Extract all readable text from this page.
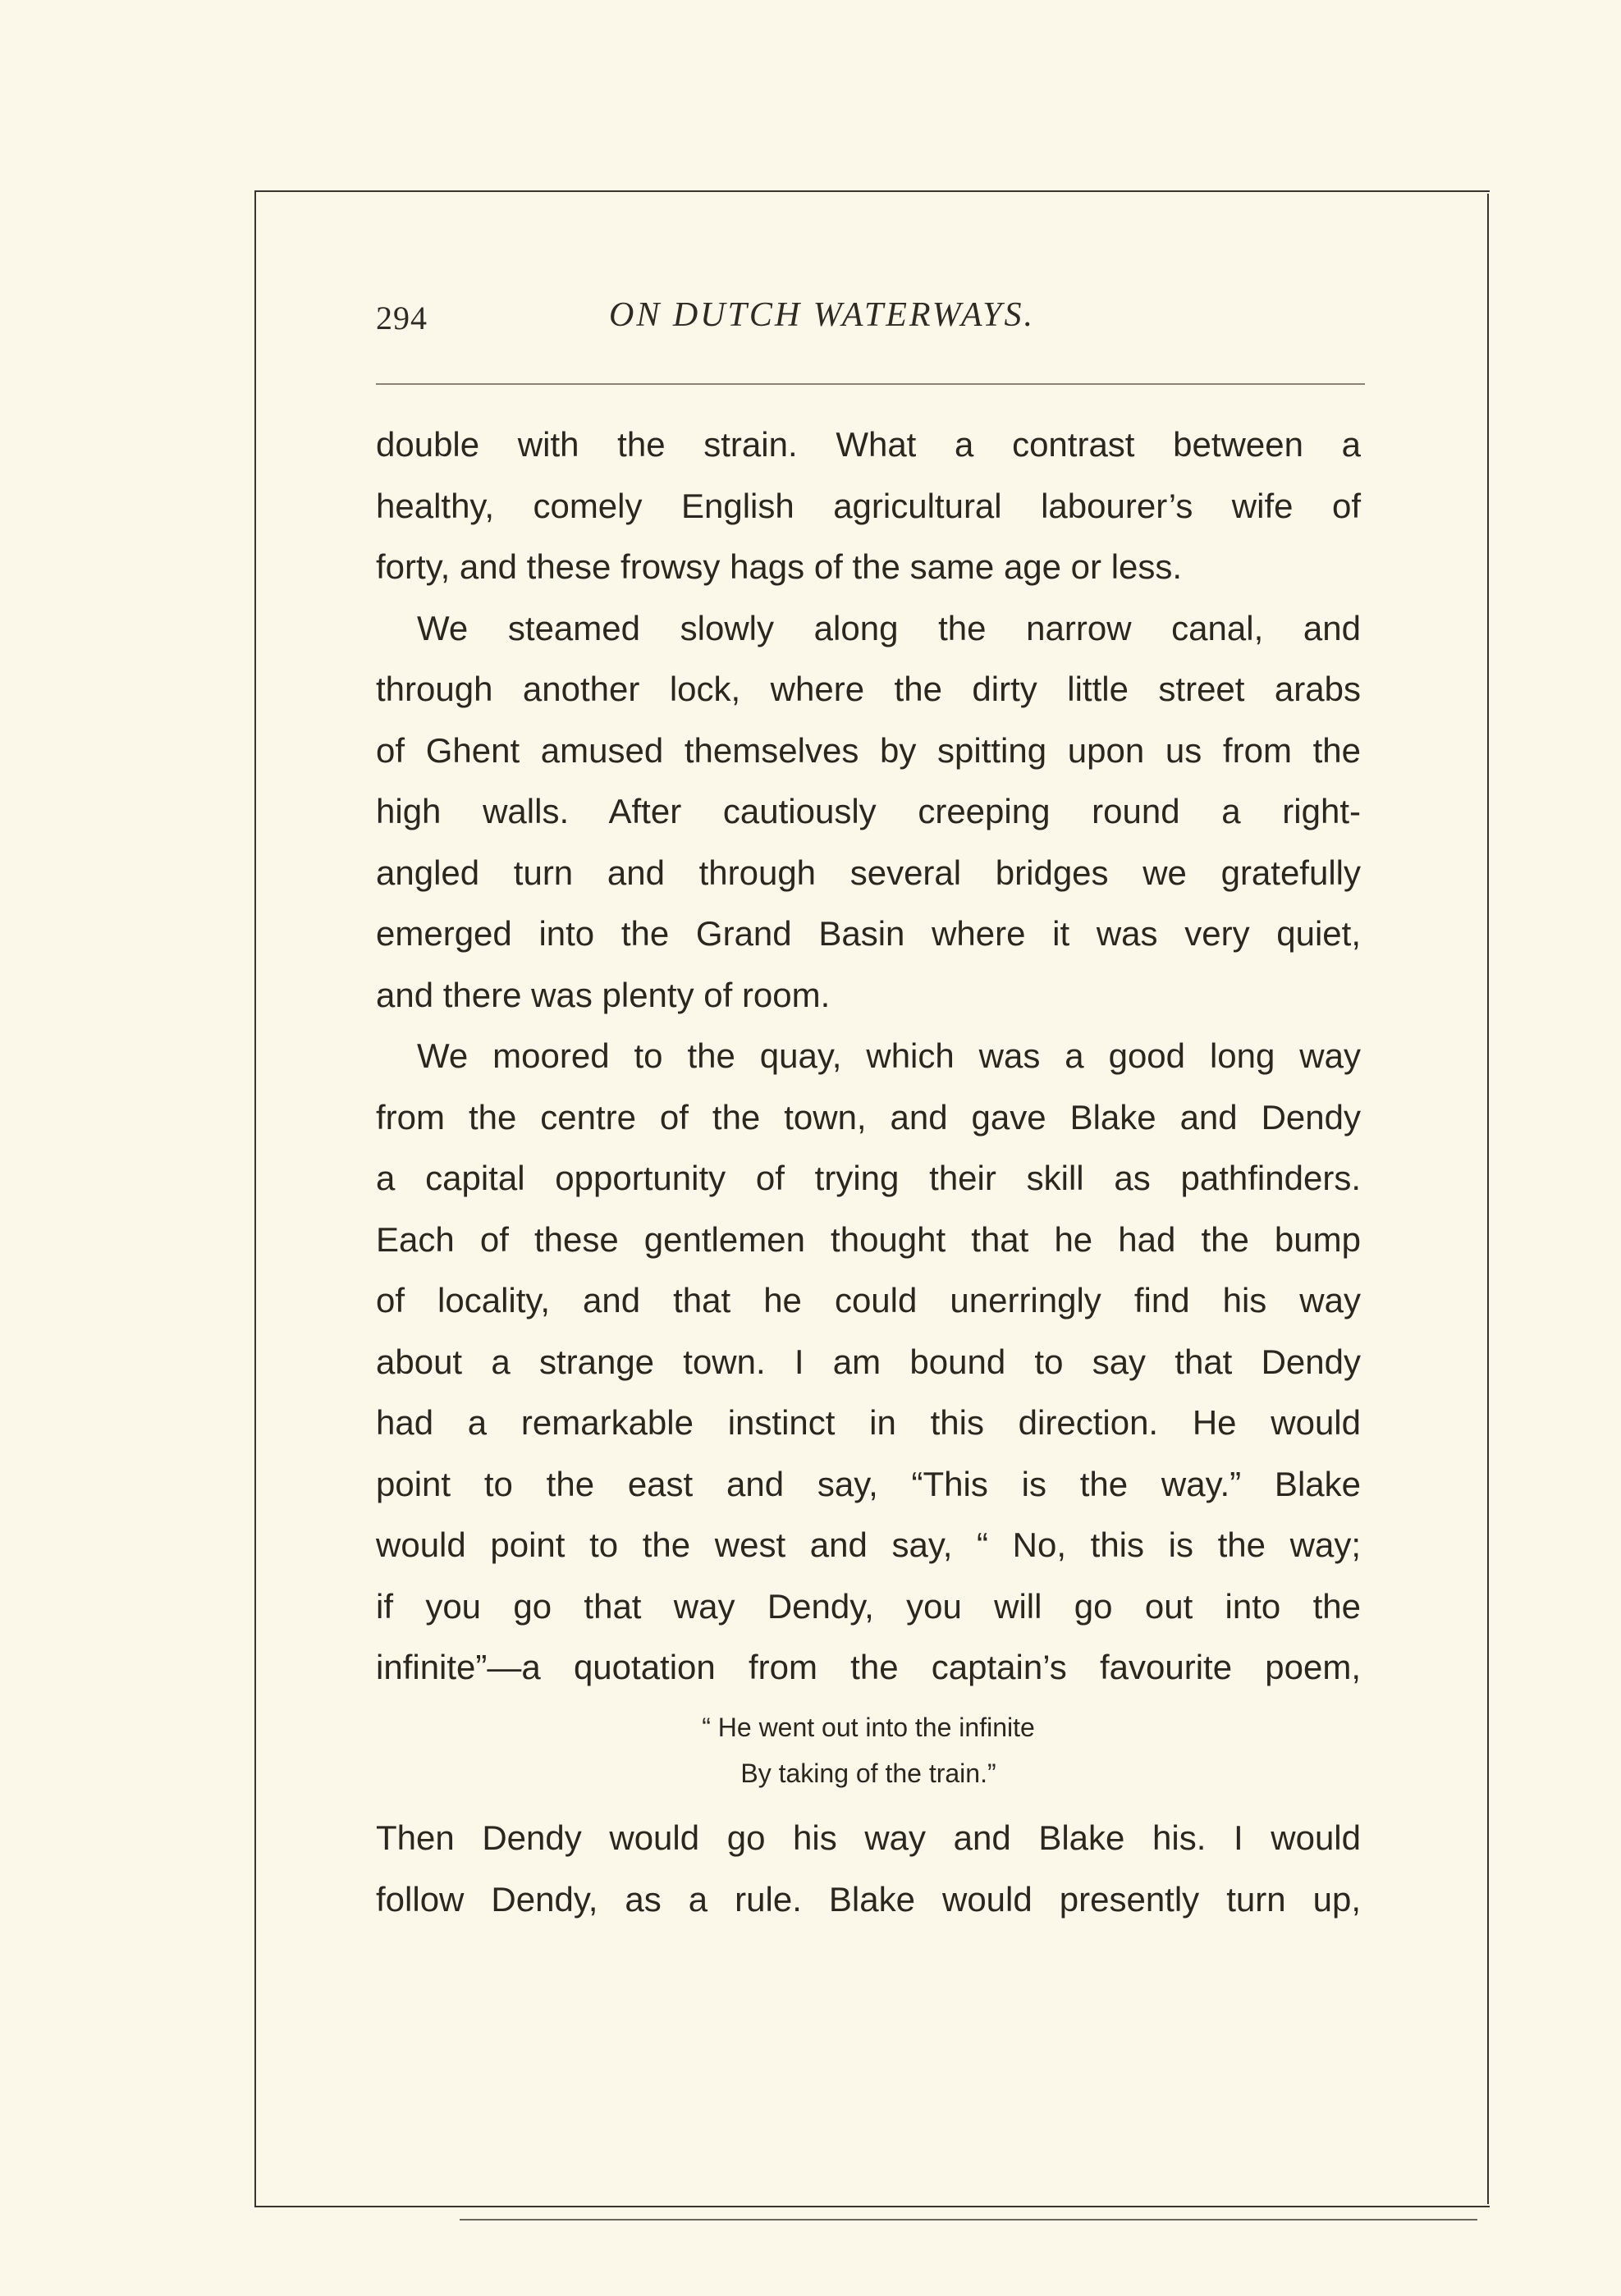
294	ON DUTCH WATERWAYS.
double with the strain. What a contrast between a
healthy, comely English agricultural labourer’s wife of
forty, and these frowsy hags of the same age or less.
We steamed slowly along the narrow canal, and
through another lock, where the dirty little street arabs
of Ghent amused themselves by spitting upon us from the
high walls. After cautiously creeping round a right-
angled turn and through several bridges we gratefully
emerged into the Grand Basin where it was very quiet,
and there was plenty of room.
We moored to the quay, which was a good long way
from the centre of the town, and gave Blake and Dendy
a capital opportunity of trying their skill as pathfinders.
Each of these gentlemen thought that he had the bump
of locality, and that he could unerringly find his way
about a strange town. I am bound to say that Dendy
had a remarkable instinct in this direction. He would
point to the east and say, “This is the way.” Blake
would point to the west and say, “ No, this is the way;
if you go that way Dendy, you will go out into the
infinite”—a quotation from the captain’s favourite poem,
“ He went out into the infinite
By taking of the train.”
Then Dendy would go his way and Blake his. I would
follow Dendy, as a rule. Blake would presently turn up,
